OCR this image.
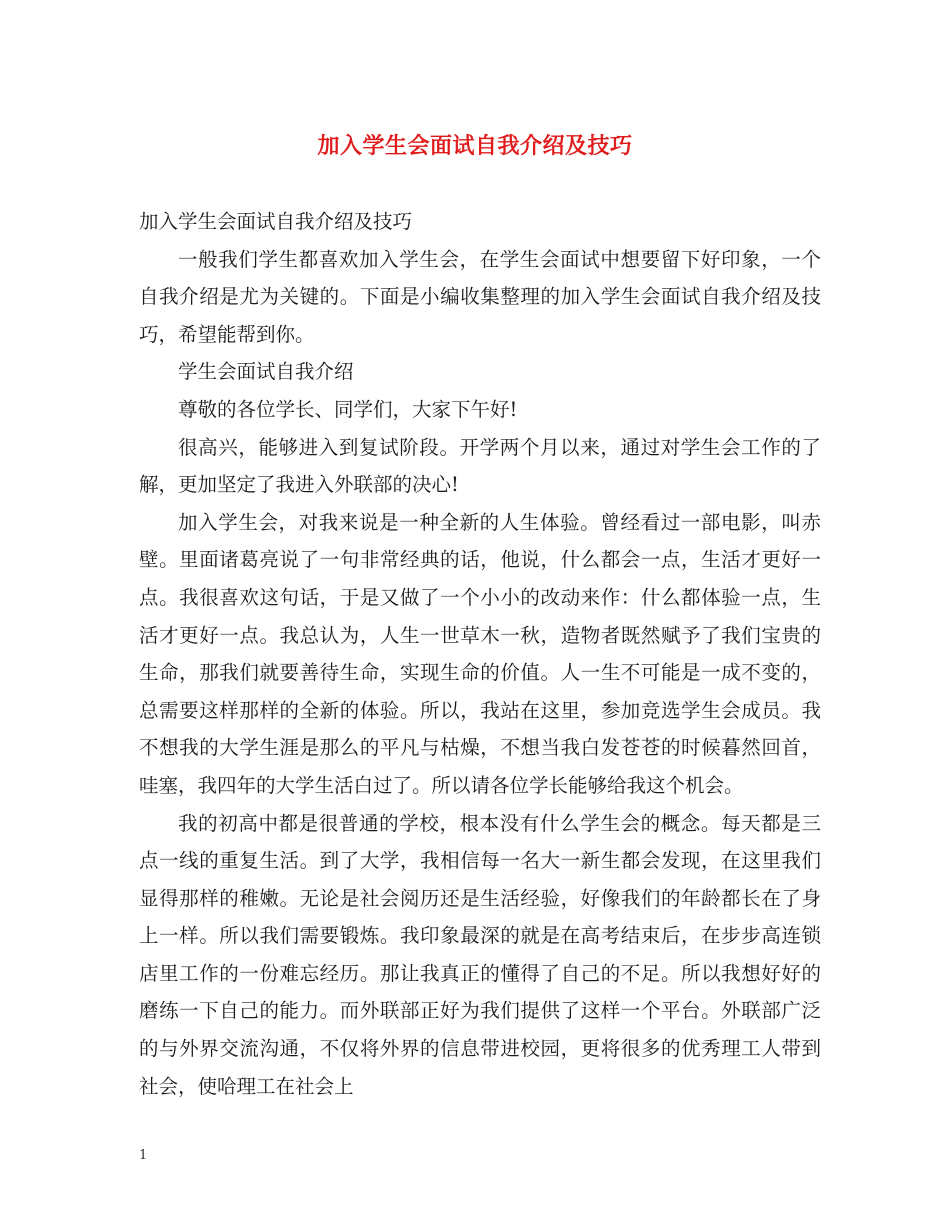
加入学生会面试自我介绍及技巧

加入学生会面试自我介绍及技巧

一般我们学生都喜欢加入学生会，在学生会面试中想要留下好印象，一个自我介绍是尤为关键的。下面是小编收集整理的加入学生会面试自我介绍及技巧，希望能帮到你。

学生会面试自我介绍

尊敬的各位学长、同学们，大家下午好!

很高兴，能够进入到复试阶段。开学两个月以来，通过对学生会工作的了解，更加坚定了我进入外联部的决心!

加入学生会，对我来说是一种全新的人生体验。曾经看过一部电影，叫赤壁。里面诸葛亮说了一句非常经典的话，他说，什么都会一点，生活才更好一点。我很喜欢这句话，于是又做了一个小小的改动来作：什么都体验一点，生活才更好一点。我总认为，人生一世草木一秋，造物者既然赋予了我们宝贵的生命，那我们就要善待生命，实现生命的价值。人一生不可能是一成不变的，总需要这样那样的全新的体验。所以，我站在这里，参加竞选学生会成员。我不想我的大学生涯是那么的平凡与枯燥，不想当我白发苍苍的时候暮然回首，哇塞，我四年的大学生活白过了。所以请各位学长能够给我这个机会。

我的初高中都是很普通的学校，根本没有什么学生会的概念。每天都是三点一线的重复生活。到了大学，我相信每一名大一新生都会发现，在这里我们显得那样的稚嫩。无论是社会阅历还是生活经验，好像我们的年龄都长在了身上一样。所以我们需要锻炼。我印象最深的就是在高考结束后，在步步高连锁店里工作的一份难忘经历。那让我真正的懂得了自己的不足。所以我想好好的磨练一下自己的能力。而外联部正好为我们提供了这样一个平台。外联部广泛的与外界交流沟通，不仅将外界的信息带进校园，更将很多的优秀理工人带到社会，使哈理工在社会上

1
